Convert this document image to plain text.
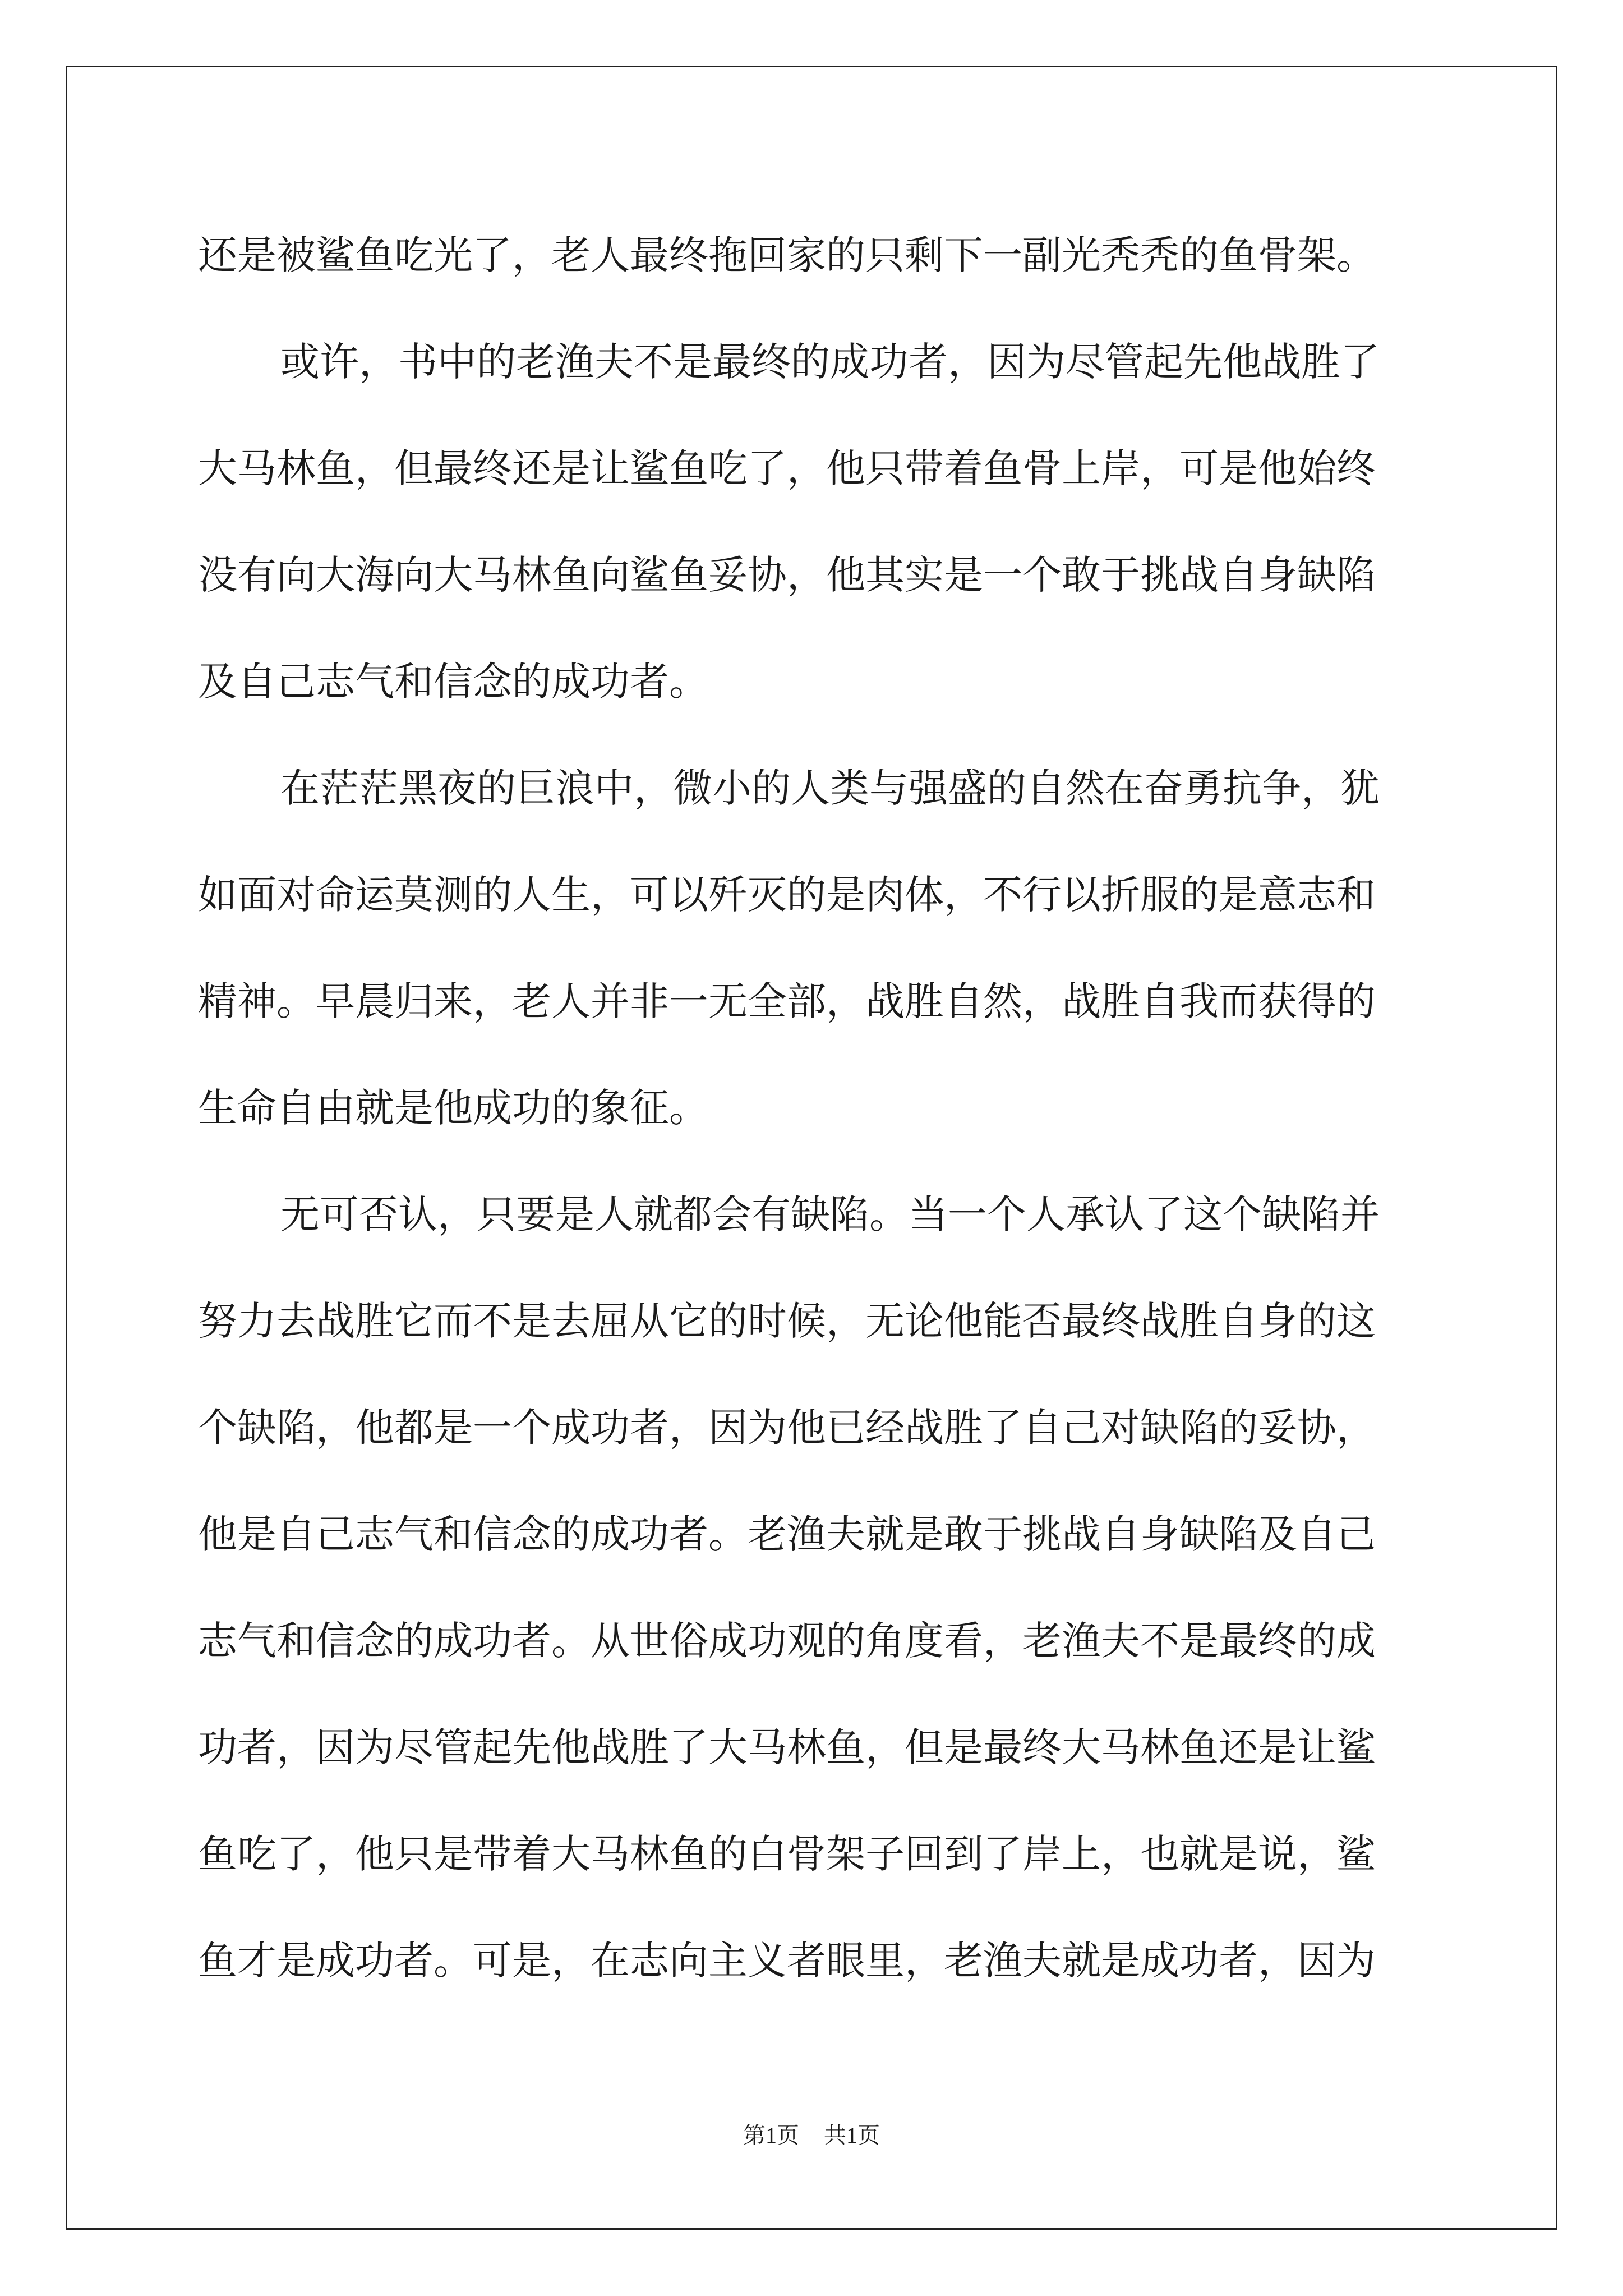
还是被鲨鱼吃光了，老人最终拖回家的只剩下一副光秃秃的鱼骨架。
或许，书中的老渔夫不是最终的成功者，因为尽管起先他战胜了
大马林鱼，但最终还是让鲨鱼吃了，他只带着鱼骨上岸，可是他始终
没有向大海向大马林鱼向鲨鱼妥协，他其实是一个敢于挑战自身缺陷
及自己志气和信念的成功者。
在茫茫黑夜的巨浪中，微小的人类与强盛的自然在奋勇抗争，犹
如面对命运莫测的人生，可以歼灭的是肉体，不行以折服的是意志和
精神。早晨归来，老人并非一无全部，战胜自然，战胜自我而获得的
生命自由就是他成功的象征。
无可否认，只要是人就都会有缺陷。当一个人承认了这个缺陷并
努力去战胜它而不是去屈从它的时候，无论他能否最终战胜自身的这
个缺陷，他都是一个成功者，因为他已经战胜了自己对缺陷的妥协，
他是自己志气和信念的成功者。老渔夫就是敢于挑战自身缺陷及自己
志气和信念的成功者。从世俗成功观的角度看，老渔夫不是最终的成
功者，因为尽管起先他战胜了大马林鱼，但是最终大马林鱼还是让鲨
鱼吃了，他只是带着大马林鱼的白骨架子回到了岸上，也就是说，鲨
鱼才是成功者。可是，在志向主义者眼里，老渔夫就是成功者，因为
第1页 共1页
